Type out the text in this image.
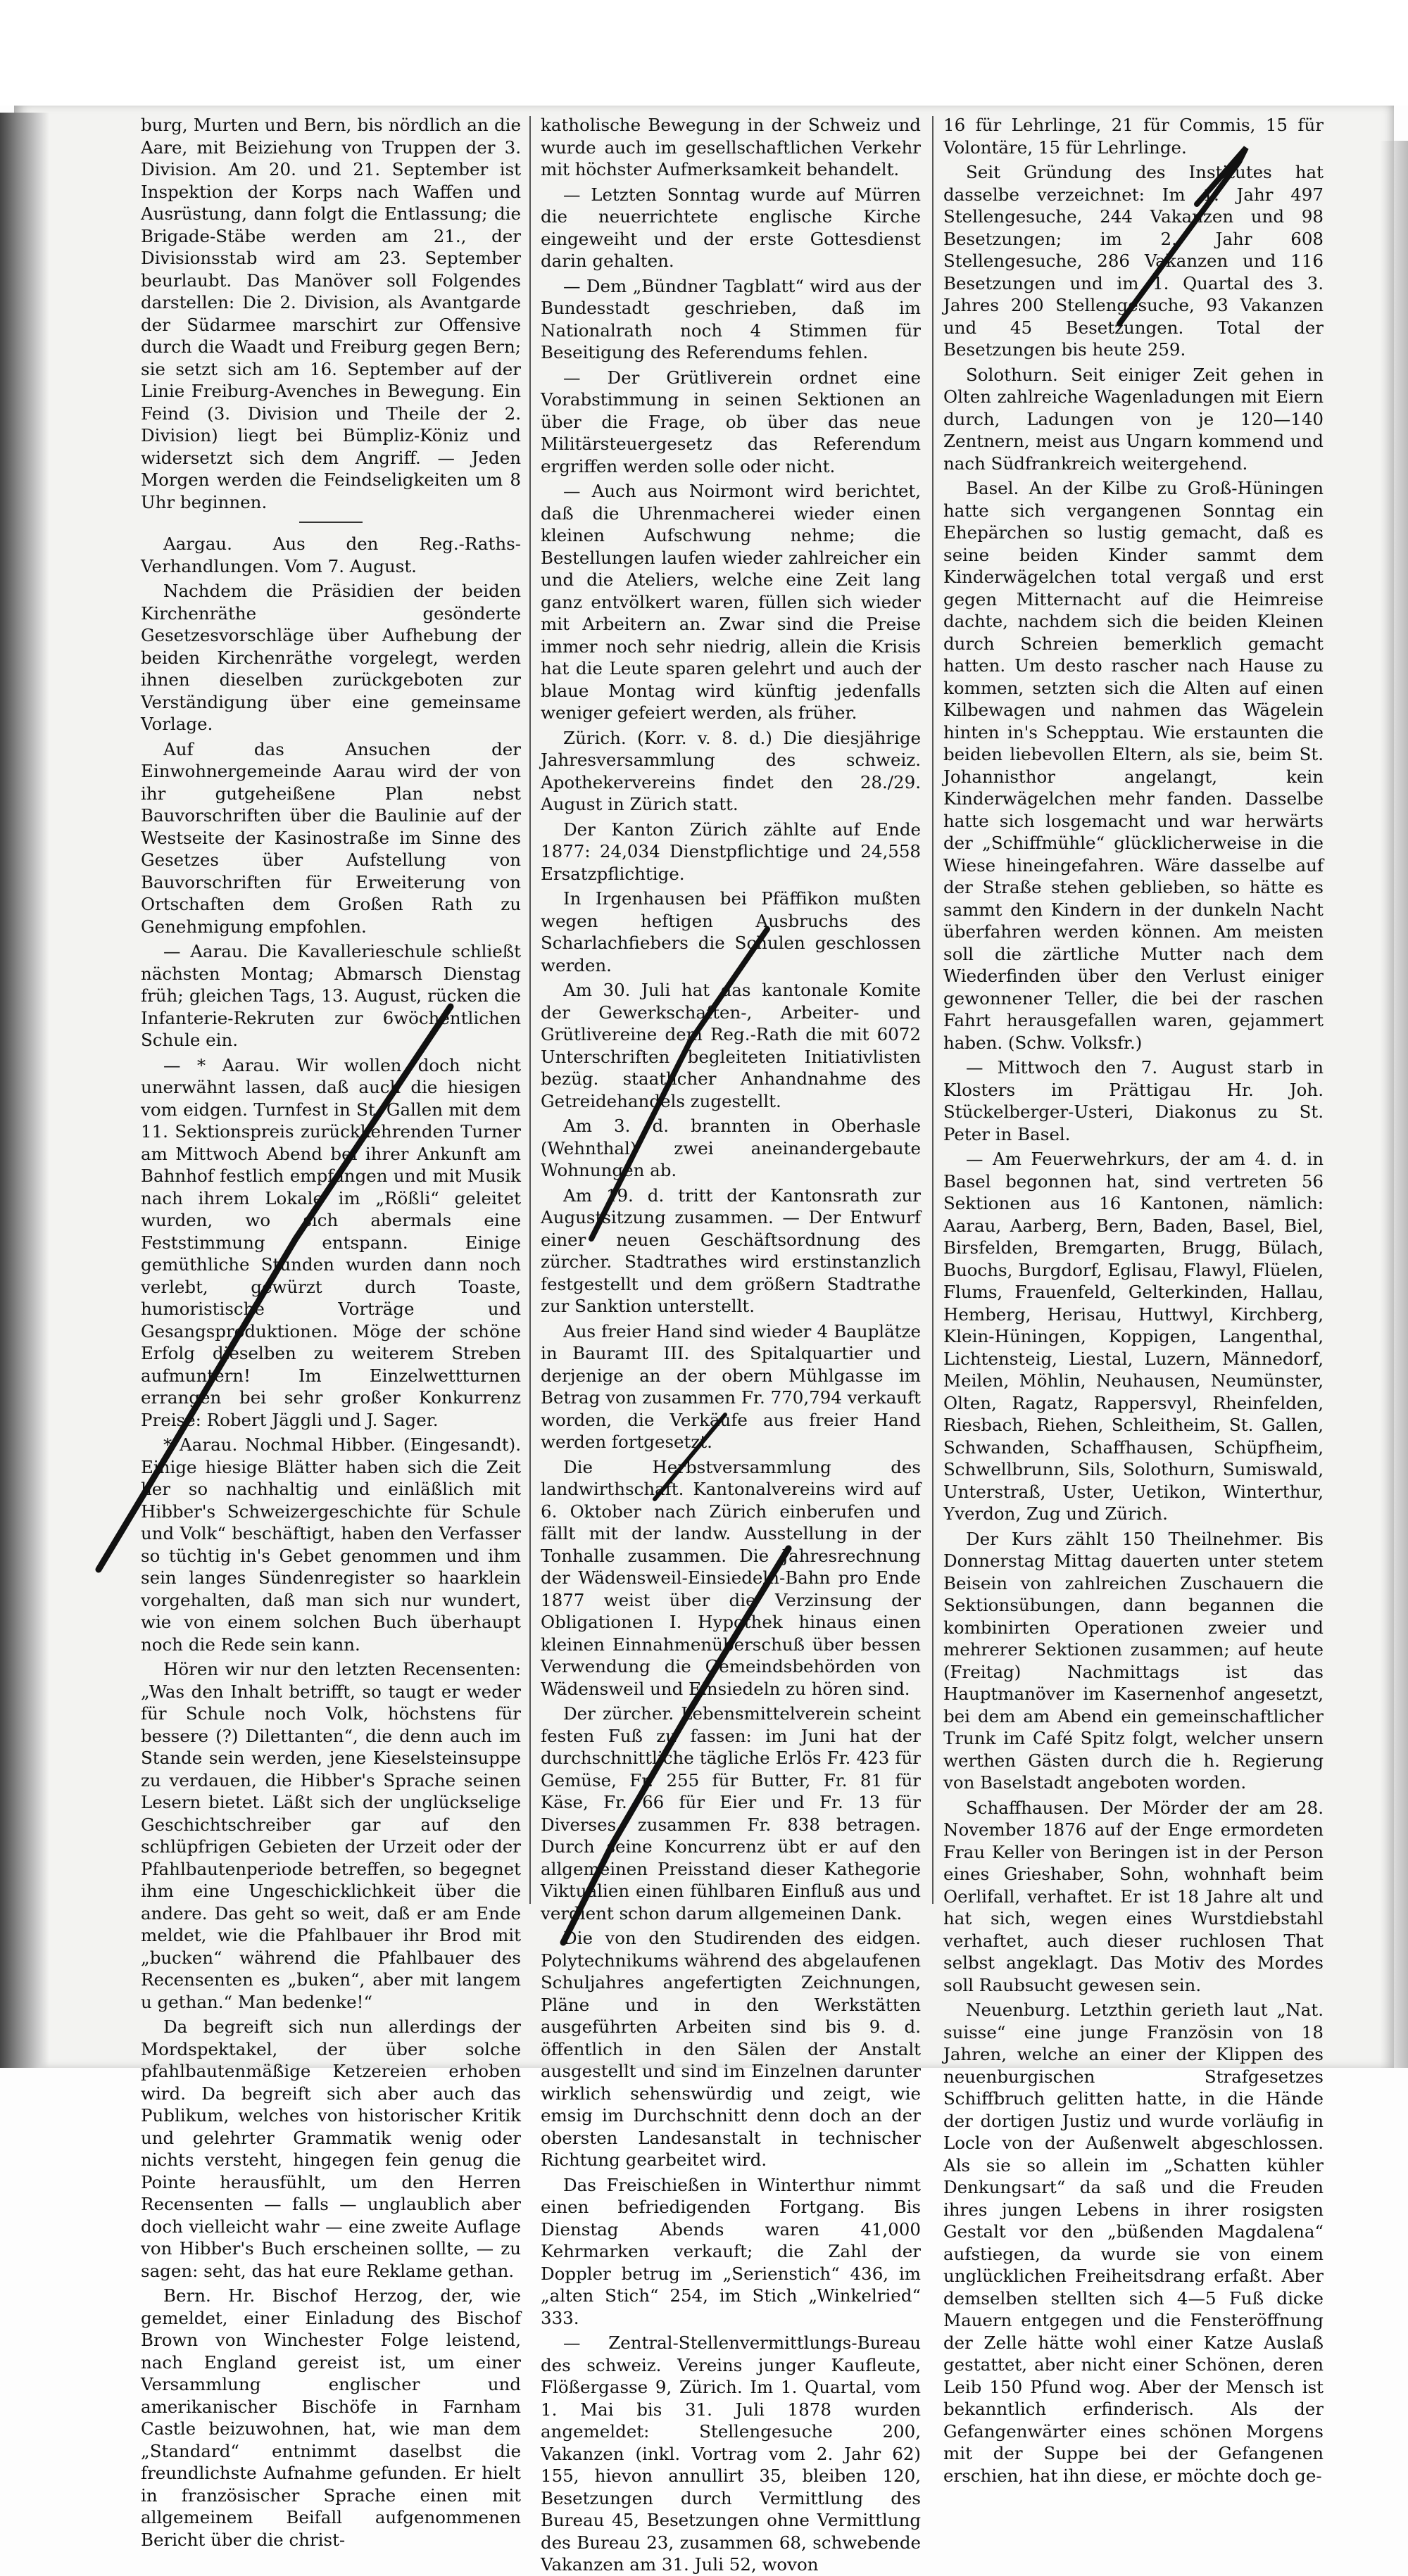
burg, Murten und Bern, bis nördlich an die Aare, mit Beiziehung von Truppen der 3. Division. Am 20. und 21. September ist Inspektion der Korps nach Waffen und Ausrüstung, dann folgt die Entlassung; die Brigade-Stäbe werden am 21., der Divisionsstab wird am 23. September beurlaubt. Das Manöver soll Folgendes darstellen: Die 2. Division, als Avantgarde der Südarmee marschirt zur Offensive durch die Waadt und Freiburg gegen Bern; sie setzt sich am 16. September auf der Linie Freiburg-Avenches in Bewegung. Ein Feind (3. Division und Theile der 2. Division) liegt bei Bümpliz-Köniz und widersetzt sich dem Angriff. — Jeden Morgen werden die Feindseligkeiten um 8 Uhr beginnen.

Aargau. Aus den Reg.-Raths-Verhandlungen. Vom 7. August.

Nachdem die Präsidien der beiden Kirchenräthe gesönderte Gesetzesvorschläge über Aufhebung der beiden Kirchenräthe vorgelegt, werden ihnen dieselben zurückgeboten zur Verständigung über eine gemeinsame Vorlage.

Auf das Ansuchen der Einwohnergemeinde Aarau wird der von ihr gutgeheißene Plan nebst Bauvorschriften über die Baulinie auf der Westseite der Kasinostraße im Sinne des Gesetzes über Aufstellung von Bauvorschriften für Erweiterung von Ortschaften dem Großen Rath zu Genehmigung empfohlen.

— Aarau. Die Kavallerieschule schließt nächsten Montag; Abmarsch Dienstag früh; gleichen Tags, 13. August, rücken die Infanterie-Rekruten zur 6wöchentlichen Schule ein.

— * Aarau. Wir wollen doch nicht unerwähnt lassen, daß auch die hiesigen vom eidgen. Turnfest in St. Gallen mit dem 11. Sektionspreis zurückkehrenden Turner am Mittwoch Abend bei ihrer Ankunft am Bahnhof festlich empfangen und mit Musik nach ihrem Lokale im „Rößli“ geleitet wurden, wo sich abermals eine Feststimmung entspann. Einige gemüthliche Stunden wurden dann noch verlebt, gewürzt durch Toaste, humoristische Vorträge und Gesangsproduktionen. Möge der schöne Erfolg dieselben zu weiterem Streben aufmuntern! Im Einzelwettturnen errangen bei sehr großer Konkurrenz Preise: Robert Jäggli und J. Sager.

* Aarau. Nochmal Hibber. (Eingesandt). Einige hiesige Blätter haben sich die Zeit her so nachhaltig und einläßlich mit Hibber's Schweizergeschichte für Schule und Volk“ beschäftigt, haben den Verfasser so tüchtig in's Gebet genommen und ihm sein langes Sündenregister so haarklein vorgehalten, daß man sich nur wundert, wie von einem solchen Buch überhaupt noch die Rede sein kann.

Hören wir nur den letzten Recensenten: „Was den Inhalt betrifft, so taugt er weder für Schule noch Volk, höchstens für bessere (?) Dilettanten“, die denn auch im Stande sein werden, jene Kieselsteinsuppe zu verdauen, die Hibber's Sprache seinen Lesern bietet. Läßt sich der unglückselige Geschichtschreiber gar auf den schlüpfrigen Gebieten der Urzeit oder der Pfahlbautenperiode betreffen, so begegnet ihm eine Ungeschicklichkeit über die andere. Das geht so weit, daß er am Ende meldet, wie die Pfahlbauer ihr Brod mit „bucken“ während die Pfahlbauer des Recensenten es „buken“, aber mit langem u gethan.“ Man bedenke!“

Da begreift sich nun allerdings der Mordspektakel, der über solche pfahlbautenmäßige Ketzereien erhoben wird. Da begreift sich aber auch das Publikum, welches von historischer Kritik und gelehrter Grammatik wenig oder nichts versteht, hingegen fein genug die Pointe herausfühlt, um den Herren Recensenten — falls — unglaublich aber doch vielleicht wahr — eine zweite Auflage von Hibber's Buch erscheinen sollte, — zu sagen: seht, das hat eure Reklame gethan.

Bern. Hr. Bischof Herzog, der, wie gemeldet, einer Einladung des Bischof Brown von Winchester Folge leistend, nach England gereist ist, um einer Versammlung englischer und amerikanischer Bischöfe in Farnham Castle beizuwohnen, hat, wie man dem „Standard“ entnimmt daselbst die freundlichste Aufnahme gefunden. Er hielt in französischer Sprache einen mit allgemeinem Beifall aufgenommenen Bericht über die christ-

katholische Bewegung in der Schweiz und wurde auch im gesellschaftlichen Verkehr mit höchster Aufmerksamkeit behandelt.

— Letzten Sonntag wurde auf Mürren die neuerrichtete englische Kirche eingeweiht und der erste Gottesdienst darin gehalten.

— Dem „Bündner Tagblatt“ wird aus der Bundesstadt geschrieben, daß im Nationalrath noch 4 Stimmen für Beseitigung des Referendums fehlen.

— Der Grütliverein ordnet eine Vorabstimmung in seinen Sektionen an über die Frage, ob über das neue Militärsteuergesetz das Referendum ergriffen werden solle oder nicht.

— Auch aus Noirmont wird berichtet, daß die Uhrenmacherei wieder einen kleinen Aufschwung nehme; die Bestellungen laufen wieder zahlreicher ein und die Ateliers, welche eine Zeit lang ganz entvölkert waren, füllen sich wieder mit Arbeitern an. Zwar sind die Preise immer noch sehr niedrig, allein die Krisis hat die Leute sparen gelehrt und auch der blaue Montag wird künftig jedenfalls weniger gefeiert werden, als früher.

Zürich. (Korr. v. 8. d.) Die diesjährige Jahresversammlung des schweiz. Apothekervereins findet den 28./29. August in Zürich statt.

Der Kanton Zürich zählte auf Ende 1877: 24,034 Dienstpflichtige und 24,558 Ersatzpflichtige.

In Irgenhausen bei Pfäffikon mußten wegen heftigen Ausbruchs des Scharlachfiebers die Schulen geschlossen werden.

Am 30. Juli hat das kantonale Komite der Gewerkschaften-, Arbeiter- und Grütlivereine dem Reg.-Rath die mit 6072 Unterschriften begleiteten Initiativlisten bezüg. staatlicher Anhandnahme des Getreidehandels zugestellt.

Am 3. d. brannten in Oberhasle (Wehnthal) zwei aneinandergebaute Wohnungen ab.

Am 19. d. tritt der Kantonsrath zur Augustsitzung zusammen. — Der Entwurf einer neuen Geschäftsordnung des zürcher. Stadtrathes wird erstinstanzlich festgestellt und dem größern Stadtrathe zur Sanktion unterstellt.

Aus freier Hand sind wieder 4 Bauplätze in Bauramt III. des Spitalquartier und derjenige an der obern Mühlgasse im Betrag von zusammen Fr. 770,794 verkauft worden, die Verkäufe aus freier Hand werden fortgesetzt.

Die Herbstversammlung des landwirthschaft. Kantonalvereins wird auf 6. Oktober nach Zürich einberufen und fällt mit der landw. Ausstellung in der Tonhalle zusammen. Die Jahresrechnung der Wädensweil-Einsiedeln-Bahn pro Ende 1877 weist über die Verzinsung der Obligationen I. Hypothek hinaus einen kleinen Einnahmenüberschuß über bessen Verwendung die Gemeindsbehörden von Wädensweil und Einsiedeln zu hören sind.

Der zürcher. Lebensmittelverein scheint festen Fuß zu fassen: im Juni hat der durchschnittliche tägliche Erlös Fr. 423 für Gemüse, Fr. 255 für Butter, Fr. 81 für Käse, Fr. 66 für Eier und Fr. 13 für Diverses, zusammen Fr. 838 betragen. Durch seine Koncurrenz übt er auf den allgemeinen Preisstand dieser Kathegorie Viktualien einen fühlbaren Einfluß aus und verdient schon darum allgemeinen Dank.

Die von den Studirenden des eidgen. Polytechnikums während des abgelaufenen Schuljahres angefertigten Zeichnungen, Pläne und in den Werkstätten ausgeführten Arbeiten sind bis 9. d. öffentlich in den Sälen der Anstalt ausgestellt und sind im Einzelnen darunter wirklich sehenswürdig und zeigt, wie emsig im Durchschnitt denn doch an der obersten Landesanstalt in technischer Richtung gearbeitet wird.

Das Freischießen in Winterthur nimmt einen befriedigenden Fortgang. Bis Dienstag Abends waren 41,000 Kehrmarken verkauft; die Zahl der Doppler betrug im „Serienstich“ 436, im „alten Stich“ 254, im Stich „Winkelried“ 333.

— Zentral-Stellenvermittlungs-Bureau des schweiz. Vereins junger Kaufleute, Flößergasse 9, Zürich. Im 1. Quartal, vom 1. Mai bis 31. Juli 1878 wurden angemeldet: Stellengesuche 200, Vakanzen (inkl. Vortrag vom 2. Jahr 62) 155, hievon annullirt 35, bleiben 120, Besetzungen durch Vermittlung des Bureau 45, Besetzungen ohne Vermittlung des Bureau 23, zusammen 68, schwebende Vakanzen am 31. Juli 52, wovon

16 für Lehrlinge, 21 für Commis, 15 für Volontäre, 15 für Lehrlinge.

Seit Gründung des Institutes hat dasselbe verzeichnet: Im 1. Jahr 497 Stellengesuche, 244 Vakanzen und 98 Besetzungen; im 2. Jahr 608 Stellengesuche, 286 Vakanzen und 116 Besetzungen und im 1. Quartal des 3. Jahres 200 Stellengesuche, 93 Vakanzen und 45 Besetzungen. Total der Besetzungen bis heute 259.

Solothurn. Seit einiger Zeit gehen in Olten zahlreiche Wagenladungen mit Eiern durch, Ladungen von je 120—140 Zentnern, meist aus Ungarn kommend und nach Südfrankreich weitergehend.

Basel. An der Kilbe zu Groß-Hüningen hatte sich vergangenen Sonntag ein Ehepärchen so lustig gemacht, daß es seine beiden Kinder sammt dem Kinderwägelchen total vergaß und erst gegen Mitternacht auf die Heimreise dachte, nachdem sich die beiden Kleinen durch Schreien bemerklich gemacht hatten. Um desto rascher nach Hause zu kommen, setzten sich die Alten auf einen Kilbewagen und nahmen das Wägelein hinten in's Schepptau. Wie erstaunten die beiden liebevollen Eltern, als sie, beim St. Johannisthor angelangt, kein Kinderwägelchen mehr fanden. Dasselbe hatte sich losgemacht und war herwärts der „Schiffmühle“ glücklicherweise in die Wiese hineingefahren. Wäre dasselbe auf der Straße stehen geblieben, so hätte es sammt den Kindern in der dunkeln Nacht überfahren werden können. Am meisten soll die zärtliche Mutter nach dem Wiederfinden über den Verlust einiger gewonnener Teller, die bei der raschen Fahrt herausgefallen waren, gejammert haben. (Schw. Volksfr.)

— Mittwoch den 7. August starb in Klosters im Prättigau Hr. Joh. Stückelberger-Usteri, Diakonus zu St. Peter in Basel.

— Am Feuerwehrkurs, der am 4. d. in Basel begonnen hat, sind vertreten 56 Sektionen aus 16 Kantonen, nämlich: Aarau, Aarberg, Bern, Baden, Basel, Biel, Birsfelden, Bremgarten, Brugg, Bülach, Buochs, Burgdorf, Eglisau, Flawyl, Flüelen, Flums, Frauenfeld, Gelterkinden, Hallau, Hemberg, Herisau, Huttwyl, Kirchberg, Klein-Hüningen, Koppigen, Langenthal, Lichtensteig, Liestal, Luzern, Männedorf, Meilen, Möhlin, Neuhausen, Neumünster, Olten, Ragatz, Rappersvyl, Rheinfelden, Riesbach, Riehen, Schleitheim, St. Gallen, Schwanden, Schaffhausen, Schüpfheim, Schwellbrunn, Sils, Solothurn, Sumiswald, Unterstraß, Uster, Uetikon, Winterthur, Yverdon, Zug und Zürich.

Der Kurs zählt 150 Theilnehmer. Bis Donnerstag Mittag dauerten unter stetem Beisein von zahlreichen Zuschauern die Sektionsübungen, dann begannen die kombinirten Operationen zweier und mehrerer Sektionen zusammen; auf heute (Freitag) Nachmittags ist das Hauptmanöver im Kasernenhof angesetzt, bei dem am Abend ein gemeinschaftlicher Trunk im Café Spitz folgt, welcher unsern werthen Gästen durch die h. Regierung von Baselstadt angeboten worden.

Schaffhausen. Der Mörder der am 28. November 1876 auf der Enge ermordeten Frau Keller von Beringen ist in der Person eines Grieshaber, Sohn, wohnhaft beim Oerlifall, verhaftet. Er ist 18 Jahre alt und hat sich, wegen eines Wurstdiebstahl verhaftet, auch dieser ruchlosen That selbst angeklagt. Das Motiv des Mordes soll Raubsucht gewesen sein.

Neuenburg. Letzthin gerieth laut „Nat. suisse“ eine junge Französin von 18 Jahren, welche an einer der Klippen des neuenburgischen Strafgesetzes Schiffbruch gelitten hatte, in die Hände der dortigen Justiz und wurde vorläufig in Locle von der Außenwelt abgeschlossen. Als sie so allein im „Schatten kühler Denkungsart“ da saß und die Freuden ihres jungen Lebens in ihrer rosigsten Gestalt vor den „büßenden Magdalena“ aufstiegen, da wurde sie von einem unglücklichen Freiheitsdrang erfaßt. Aber demselben stellten sich 4—5 Fuß dicke Mauern entgegen und die Fensteröffnung der Zelle hätte wohl einer Katze Auslaß gestattet, aber nicht einer Schönen, deren Leib 150 Pfund wog. Aber der Mensch ist bekanntlich erfinderisch. Als der Gefangenwärter eines schönen Morgens mit der Suppe bei der Gefangenen erschien, hat ihn diese, er möchte doch ge-
